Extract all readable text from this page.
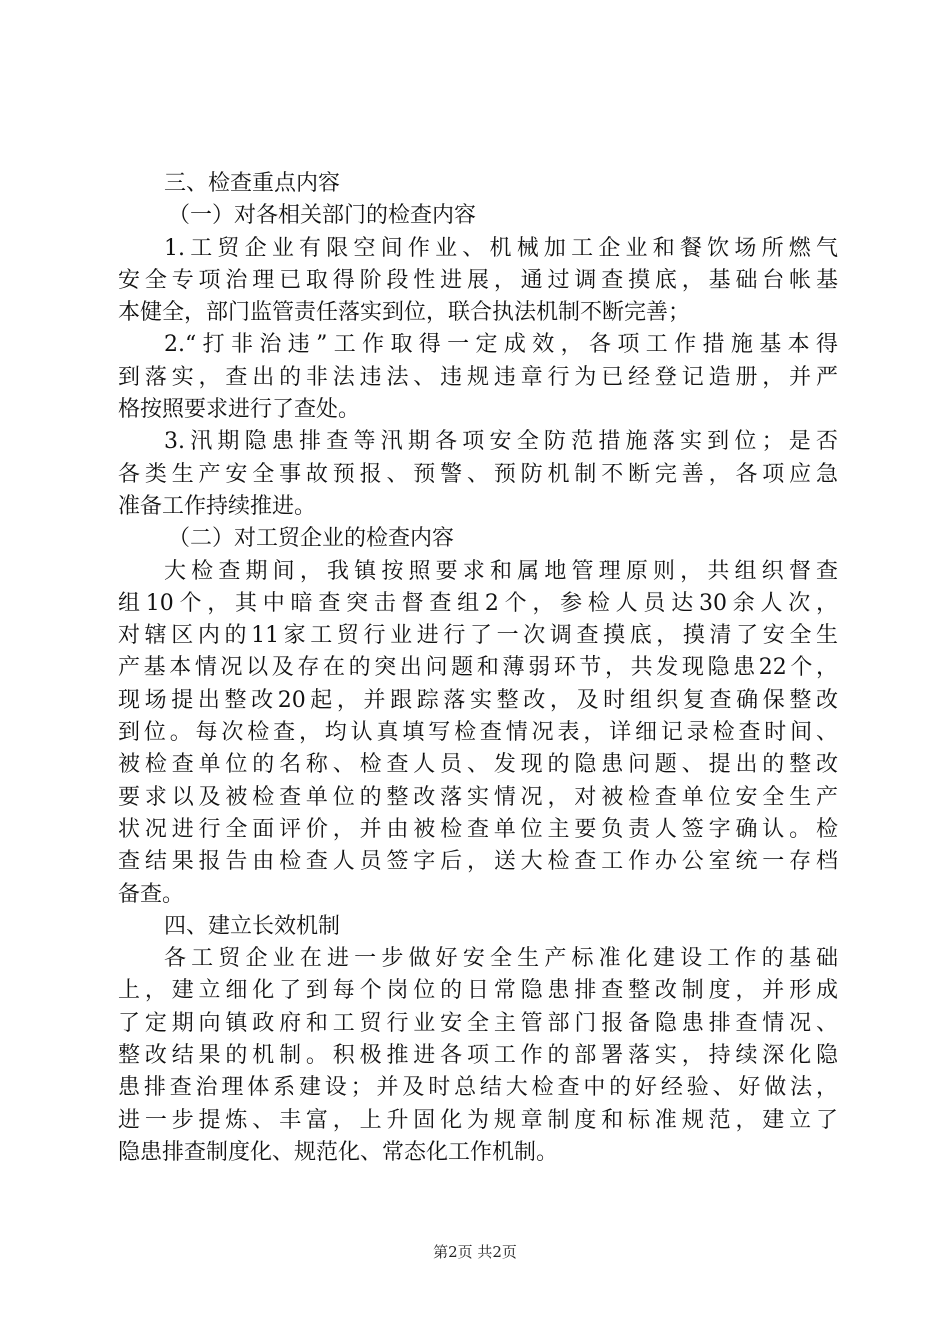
三、检查重点内容

（一）对各相关部门的检查内容

1.工贸企业有限空间作业、机械加工企业和餐饮场所燃气

安全专项治理已取得阶段性进展，通过调查摸底，基础台帐基

本健全，部门监管责任落实到位，联合执法机制不断完善；

2.“打非治违”工作取得一定成效，各项工作措施基本得

到落实，查出的非法违法、违规违章行为已经登记造册，并严

格按照要求进行了查处。

3.汛期隐患排查等汛期各项安全防范措施落实到位；是否

各类生产安全事故预报、预警、预防机制不断完善，各项应急

准备工作持续推进。

（二）对工贸企业的检查内容

大检查期间，我镇按照要求和属地管理原则，共组织督查

组10个，其中暗查突击督查组2个，参检人员达30余人次，

对辖区内的11家工贸行业进行了一次调查摸底，摸清了安全生

产基本情况以及存在的突出问题和薄弱环节，共发现隐患22个，

现场提出整改20起，并跟踪落实整改，及时组织复查确保整改

到位。每次检查，均认真填写检查情况表，详细记录检查时间、

被检查单位的名称、检查人员、发现的隐患问题、提出的整改

要求以及被检查单位的整改落实情况，对被检查单位安全生产

状况进行全面评价，并由被检查单位主要负责人签字确认。检

查结果报告由检查人员签字后，送大检查工作办公室统一存档

备查。

四、建立长效机制

各工贸企业在进一步做好安全生产标准化建设工作的基础

上，建立细化了到每个岗位的日常隐患排查整改制度，并形成

了定期向镇政府和工贸行业安全主管部门报备隐患排查情况、

整改结果的机制。积极推进各项工作的部署落实，持续深化隐

患排查治理体系建设；并及时总结大检查中的好经验、好做法，

进一步提炼、丰富，上升固化为规章制度和标准规范，建立了

隐患排查制度化、规范化、常态化工作机制。

第2页 共2页
